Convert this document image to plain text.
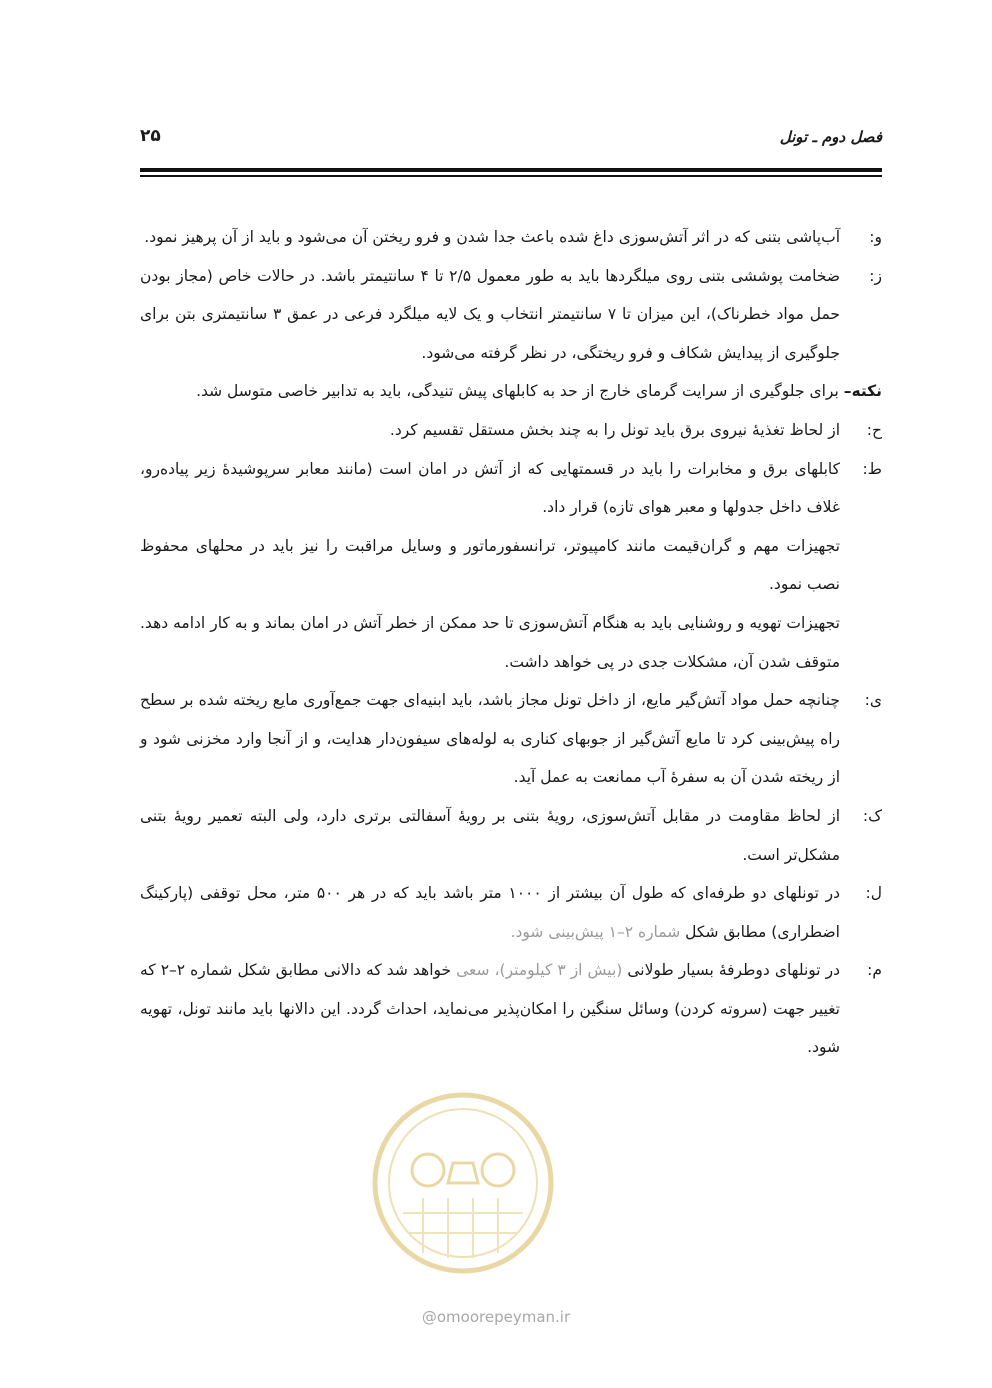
فصل دوم ـ تونل
۲۵

و:
آب‌پاشی بتنی که در اثر آتش‌سوزی داغ شده باعث جدا شدن و فرو ریختن آن می‌شود و باید از آن پرهیز نمود.

ز:
ضخامت پوششی بتنی روی میلگردها باید به طور معمول ۲/۵ تا ۴ سانتیمتر باشد. در حالات خاص (مجاز بودن حمل مواد خطرناک)، این میزان تا ۷ سانتیمتر انتخاب و یک لایه میلگرد فرعی در عمق ۳ سانتیمتری بتن برای جلوگیری از پیدایش شکاف و فرو ریختگی، در نظر گرفته می‌شود.

نکته– برای جلوگیری از سرایت گرمای خارج از حد به کابلهای پیش تنیدگی، باید به تدابیر خاصی متوسل شد.

ح:
از لحاظ تغذیهٔ نیروی برق باید تونل را به چند بخش مستقل تقسیم کرد.

ط:
کابلهای برق و مخابرات را باید در قسمتهایی که از آتش در امان است (مانند معابر سرپوشیدهٔ زیر پیاده‌رو، غلاف داخل جدولها و معبر هوای تازه) قرار داد.

تجهیزات مهم و گران‌قیمت مانند کامپیوتر، ترانسفورماتور و وسایل مراقبت را نیز باید در محلهای محفوظ نصب نمود.

تجهیزات تهویه و روشنایی باید به هنگام آتش‌سوزی تا حد ممکن از خطر آتش در امان بماند و به کار ادامه دهد. متوقف شدن آن، مشکلات جدی در پی خواهد داشت.

ی:
چنانچه حمل مواد آتش‌گیر مایع، از داخل تونل مجاز باشد، باید ابنیه‌ای جهت جمع‌آوری مایع ریخته شده بر سطح راه پیش‌بینی کرد تا مایع آتش‌گیر از جوبهای کناری به لوله‌های سیفون‌دار هدایت، و از آنجا وارد مخزنی شود و از ریخته شدن آن به سفرهٔ آب ممانعت به عمل آید.

ک:
از لحاظ مقاومت در مقابل آتش‌سوزی، رویهٔ بتنی بر رویهٔ آسفالتی برتری دارد، ولی البته تعمیر رویهٔ بتنی مشکل‌تر است.

ل:
در تونلهای دو طرفه‌ای که طول آن بیشتر از ۱۰۰۰ متر باشد باید که در هر ۵۰۰ متر، محل توقفی (پارکینگ اضطراری) مطابق شکل شماره ۲–۱ پیش‌بینی شود.

م:
در تونلهای دوطرفهٔ بسیار طولانی (بیش از ۳ کیلومتر)، سعی خواهد شد که دالانی مطابق شکل شماره ۲–۲ که تغییر جهت (سروته کردن) وسائل سنگین را امکان‌پذیر می‌نماید، احداث گردد. این دالانها باید مانند تونل، تهویه شود.

@omoorepeyman.ir
